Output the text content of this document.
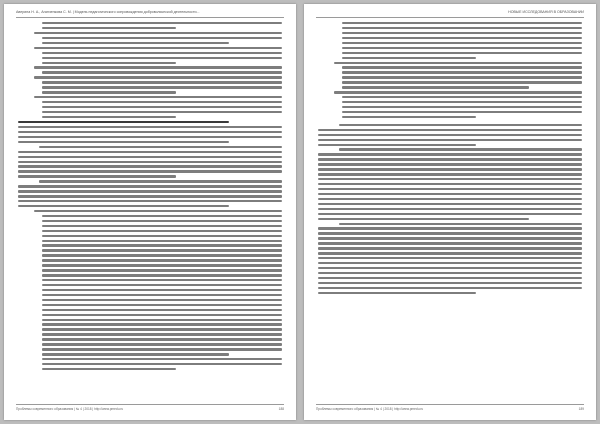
Аверина Н. А., Агапченкова С. М. | Модель педагогического сопровождения добровольческой деятельности...
Проблемы современного образования | № 4 | 2018 | http://www.pmedu.ru	188
НОВЫЕ ИССЛЕДОВАНИЯ В ОБРАЗОВАНИИ
Проблемы современного образования | № 4 | 2018 | http://www.pmedu.ru	189
